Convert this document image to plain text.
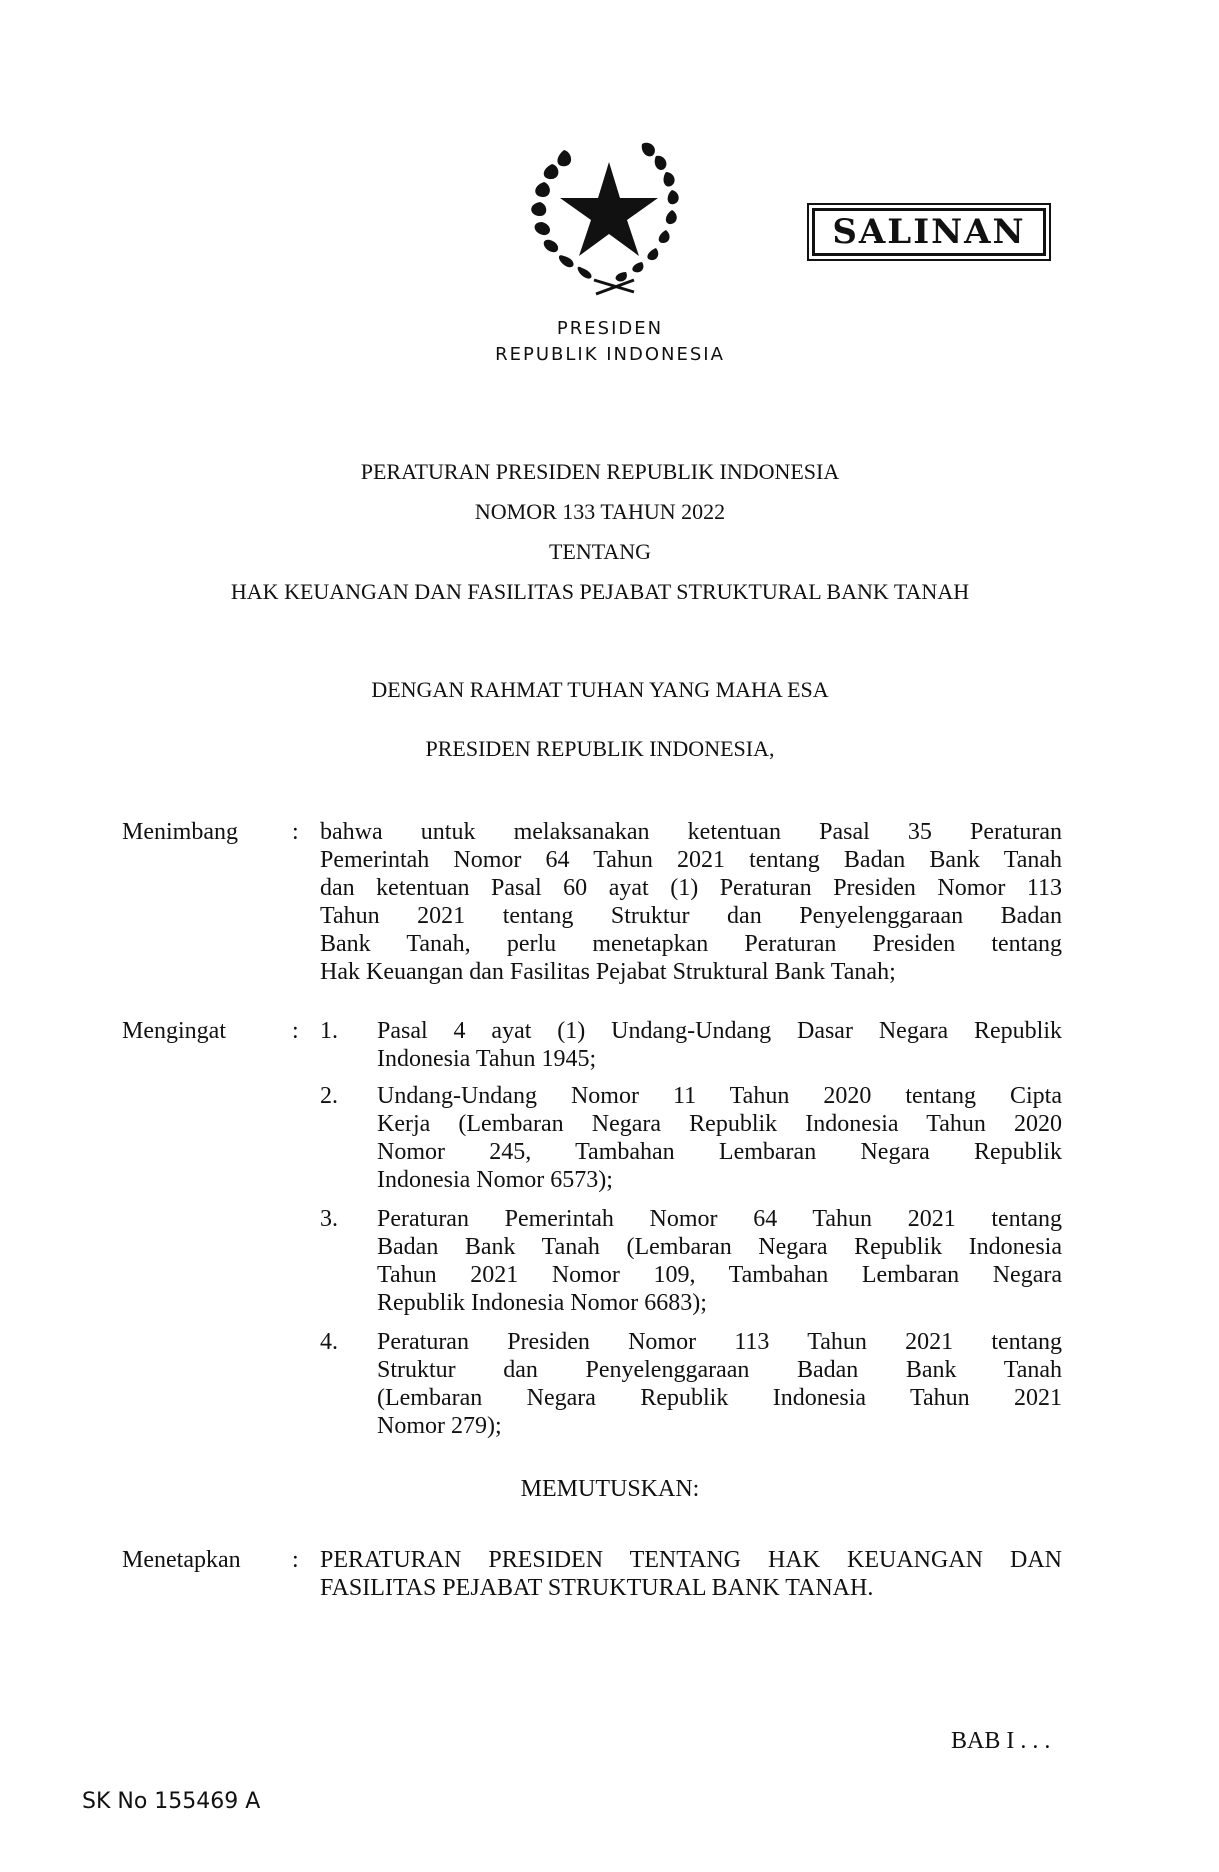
PRESIDEN
REPUBLIK INDONESIA
SALINAN
PERATURAN PRESIDEN REPUBLIK INDONESIA
NOMOR 133 TAHUN 2022
TENTANG
HAK KEUANGAN DAN FASILITAS PEJABAT STRUKTURAL BANK TANAH
DENGAN RAHMAT TUHAN YANG MAHA ESA
PRESIDEN REPUBLIK INDONESIA,
Menimbang : bahwa untuk melaksanakan ketentuan Pasal 35 Peraturan
Pemerintah Nomor 64 Tahun 2021 tentang Badan Bank Tanah
dan ketentuan Pasal 60 ayat (1) Peraturan Presiden Nomor 113
Tahun 2021 tentang Struktur dan Penyelenggaraan Badan
Bank Tanah, perlu menetapkan Peraturan Presiden tentang
Hak Keuangan dan Fasilitas Pejabat Struktural Bank Tanah;
Mengingat	: 1.	Pasal 4 ayat (1) Undang-Undang Dasar Negara Republik
Indonesia Tahun 1945;
2.	Undang-Undang Nomor 11 Tahun 2020 tentang Cipta
Kerja (Lembaran Negara Republik Indonesia Tahun 2020
Nomor 245, Tambahan Lembaran Negara Republik
Indonesia Nomor 6573);
3.	Peraturan Pemerintah Nomor 64 Tahun 2021 tentang
Badan Bank Tanah (Lembaran Negara Republik Indonesia
Tahun 2021 Nomor 109, Tambahan Lembaran Negara
Republik Indonesia Nomor 6683);
4.	Peraturan Presiden Nomor 113 Tahun 2021 tentang
Struktur dan Penyelenggaraan Badan Bank Tanah
(Lembaran Negara Republik Indonesia Tahun 2021
Nomor 279);
MEMUTUSKAN:
Menetapkan : PERATURAN PRESIDEN TENTANG HAK KEUANGAN DAN
FASILITAS PEJABAT STRUKTURAL BANK TANAH.
BAB I . . .
SK No 155469 A
